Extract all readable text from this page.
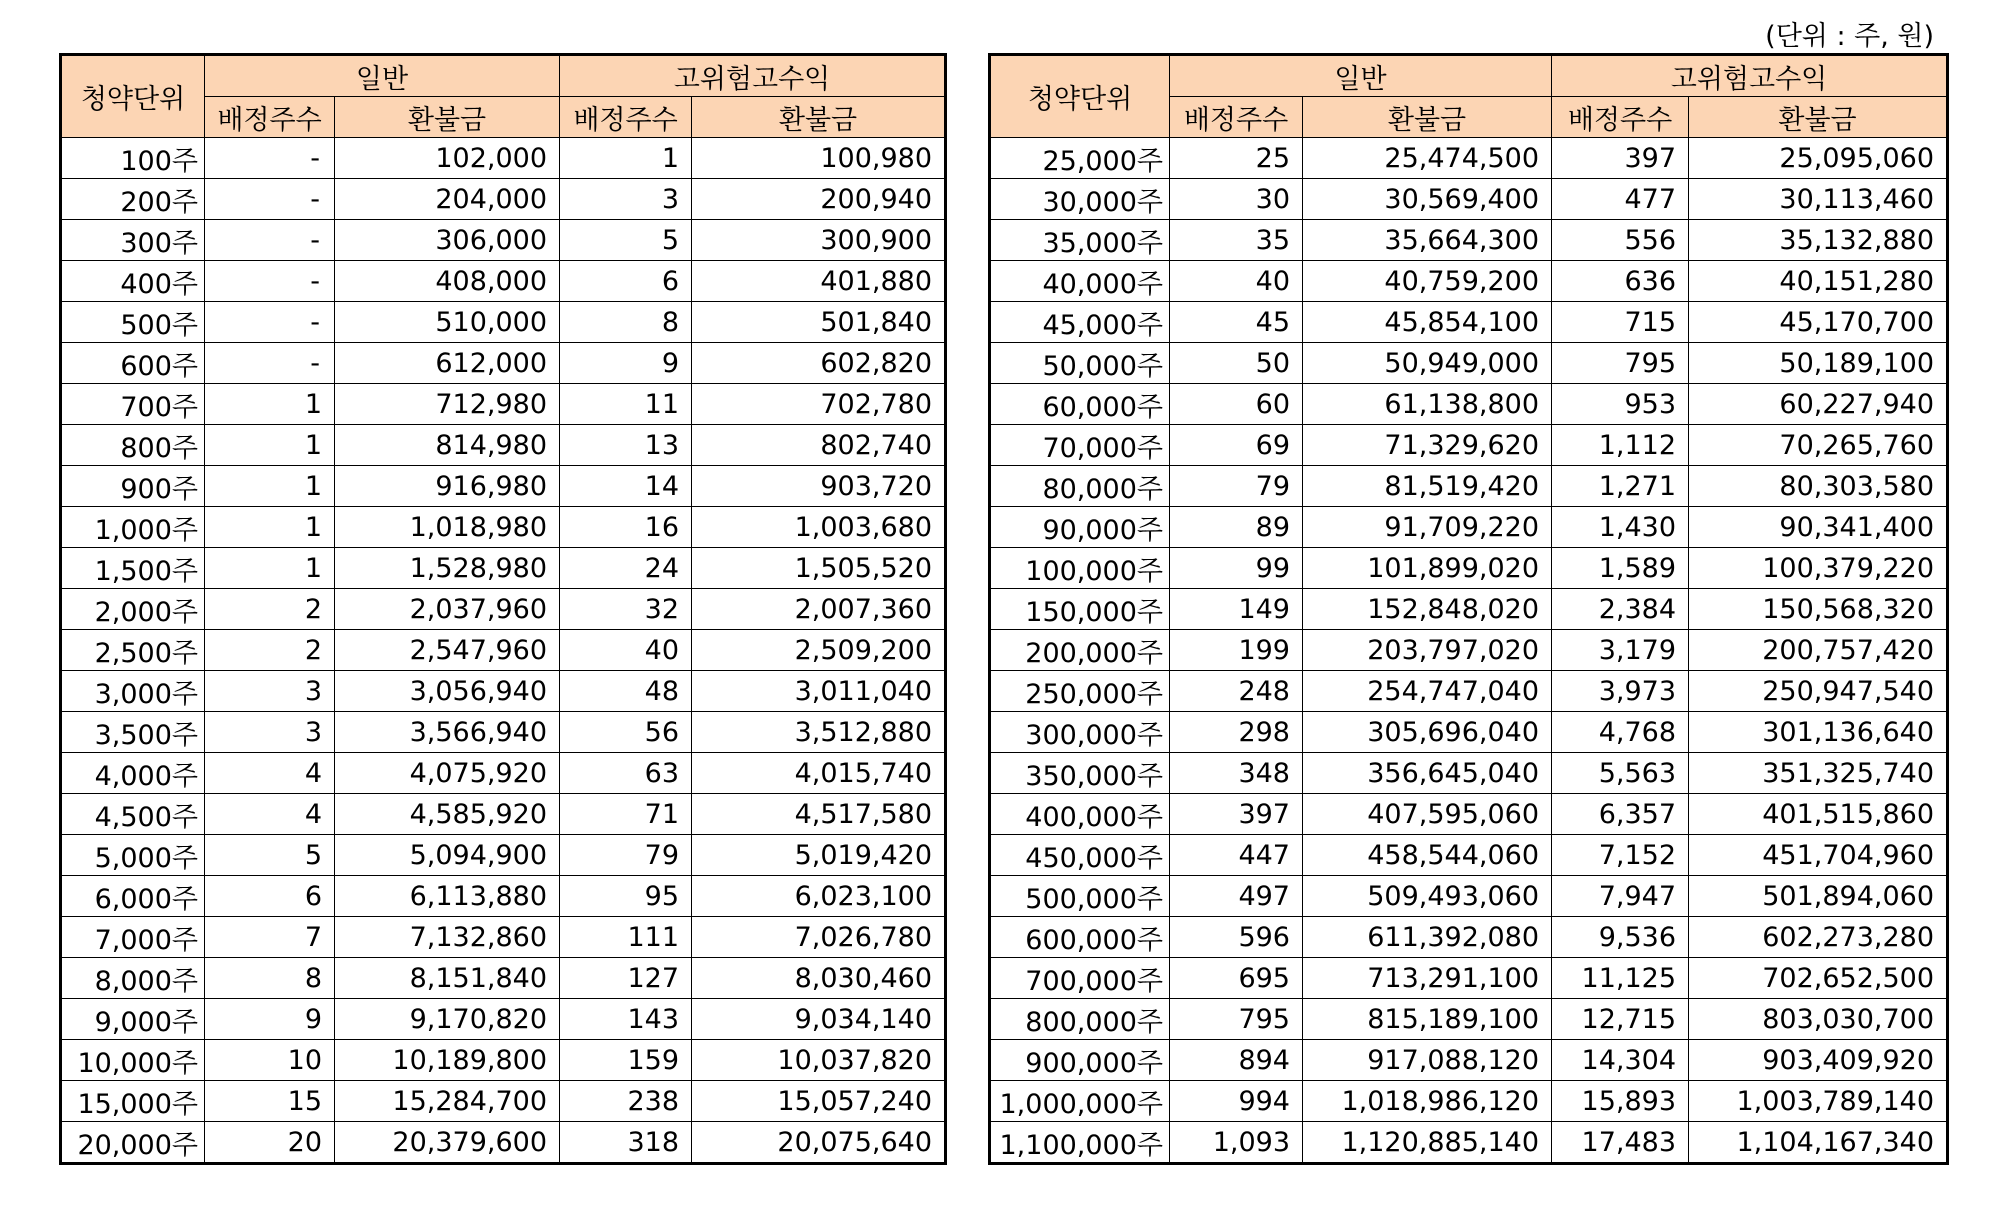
(단위 : 주, 원)
청약단위	일반		고위험고수익	
	배정주수	환불금	배정주수	환불금
100주	-	102,000	1	100,980
200주	-	204,000	3	200,940
300주	-	306,000	5	300,900
400주	-	408,000	6	401,880
500주	-	510,000	8	501,840
600주	-	612,000	9	602,820
700주	1	712,980	11	702,780
800주	1	814,980	13	802,740
900주	1	916,980	14	903,720
1,000주	1	1,018,980	16	1,003,680
1,500주	1	1,528,980	24	1,505,520
2,000주	2	2,037,960	32	2,007,360
2,500주	2	2,547,960	40	2,509,200
3,000주	3	3,056,940	48	3,011,040
3,500주	3	3,566,940	56	3,512,880
4,000주	4	4,075,920	63	4,015,740
4,500주	4	4,585,920	71	4,517,580
5,000주	5	5,094,900	79	5,019,420
6,000주	6	6,113,880	95	6,023,100
7,000주	7	7,132,860	111	7,026,780
8,000주	8	8,151,840	127	8,030,460
9,000주	9	9,170,820	143	9,034,140
10,000주	10	10,189,800	159	10,037,820
15,000주	15	15,284,700	238	15,057,240
20,000주	20	20,379,600	318	20,075,640
청약단위	일반		고위험고수익	
	배정주수	환불금	배정주수	환불금
25,000주	25	25,474,500	397	25,095,060
30,000주	30	30,569,400	477	30,113,460
35,000주	35	35,664,300	556	35,132,880
40,000주	40	40,759,200	636	40,151,280
45,000주	45	45,854,100	715	45,170,700
50,000주	50	50,949,000	795	50,189,100
60,000주	60	61,138,800	953	60,227,940
70,000주	69	71,329,620	1,112	70,265,760
80,000주	79	81,519,420	1,271	80,303,580
90,000주	89	91,709,220	1,430	90,341,400
100,000주	99	101,899,020	1,589	100,379,220
150,000주	149	152,848,020	2,384	150,568,320
200,000주	199	203,797,020	3,179	200,757,420
250,000주	248	254,747,040	3,973	250,947,540
300,000주	298	305,696,040	4,768	301,136,640
350,000주	348	356,645,040	5,563	351,325,740
400,000주	397	407,595,060	6,357	401,515,860
450,000주	447	458,544,060	7,152	451,704,960
500,000주	497	509,493,060	7,947	501,894,060
600,000주	596	611,392,080	9,536	602,273,280
700,000주	695	713,291,100	11,125	702,652,500
800,000주	795	815,189,100	12,715	803,030,700
900,000주	894	917,088,120	14,304	903,409,920
1,000,000주	994	1,018,986,120	15,893	1,003,789,140
1,100,000주	1,093	1,120,885,140	17,483	1,104,167,340
